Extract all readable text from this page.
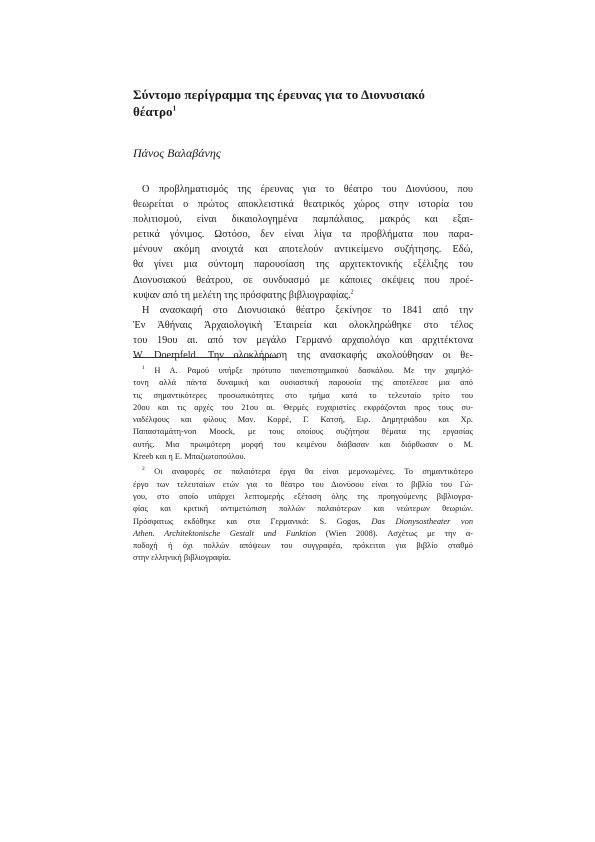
Σύντομο περίγραμμα της έρευνας για το Διονυσιακό
θέατρο$^1$
Πάνος Βαλαβάνης
Ο προβληματισμός της έρευνας για το θέατρο του Διονύσου, που
θεωρείται ο πρώτος αποκλειστικά θεατρικός χώρος στην ιστορία του
πολιτισμού, είναι δικαιολογημένα παμπάλαιος, μακρός και εξαι-
ρετικά γόνιμος. Ωστόσο, δεν είναι λίγα τα προβλήματα που παρα-
μένουν ακόμη ανοιχτά και αποτελούν αντικείμενο συζήτησης. Εδώ,
θα γίνει μια σύντομη παρουσίαση της αρχιτεκτονικής εξέλιξης του
Διονυσιακού θεάτρου, σε συνδυασμό με κάποιες σκέψεις που προέ-
κυψαν από τη μελέτη της πρόσφατης βιβλιογραφίας.$^2$
Η ανασκαφή στο Διονυσιακό θέατρο ξεκίνησε το 1841 από την
Ἐν Ἀθήναις Ἀρχαιολογικὴ Ἑταιρεία και ολοκληρώθηκε στο τέλος
του 19ου αι. από τον μεγάλο Γερμανό αρχαιολόγο και αρχιτέκτονα
W. Doerpfeld. Την ολοκλήρωση της ανασκαφής ακολούθησαν οι θε-
$^1$ Η Α. Ραμού υπήρξε πρότυπο πανεπιστημιακού δασκάλου. Με την χαμηλό-
τονη αλλά πάντα δυναμική και ουσιαστική παρουσία της αποτέλεσε μια από
τις σημαντικότερες προσωπικότητες στο τμήμα κατά το τελευταίο τρίτο του
20ου και τις αρχές του 21ου αι. Θερμές ευχαριστίες εκφράζονται προς τους συ-
ναδέλφους και φίλους Μαν. Κορρέ, Γ. Κατσή, Ειρ. Δημητριάδου και Χρ.
Παπασταμάτη-von Moock, με τους οποίους συζήτησα θέματα της εργασίας
αυτής. Μια πρωιμότερη μορφή του κειμένου διάβασαν και διόρθωσαν ο Μ.
Kreeb και η Ε. Μπαζιωτοπούλου.
$^2$ Οι αναφορές σε παλαιότερα έργα θα είναι μεμονωμένες. Το σημαντικότερο
έργο των τελευταίων ετών για το θέατρο του Διονύσου είναι το βιβλίο του Γώ-
γου, στο οποίο υπάρχει λεπτομερής εξέταση όλης της προηγούμενης βιβλιογρα-
φίας και κριτική αντιμετώπιση πολλών παλαιότερων και νεώτερων θεωριών.
Πρόσφατως εκδόθηκε και στα Γερμανικά: S. Gogos, Das Dionysostheater von
Athen. Architektonische Gestalt und Funktion (Wien 2008). Ασχέτως με την α-
ποδοχή ή όχι πολλών απόψεων του συγγραφέα, πρόκειται για βιβλίο σταθμό
στην ελληνική βιβλιογραφία.
